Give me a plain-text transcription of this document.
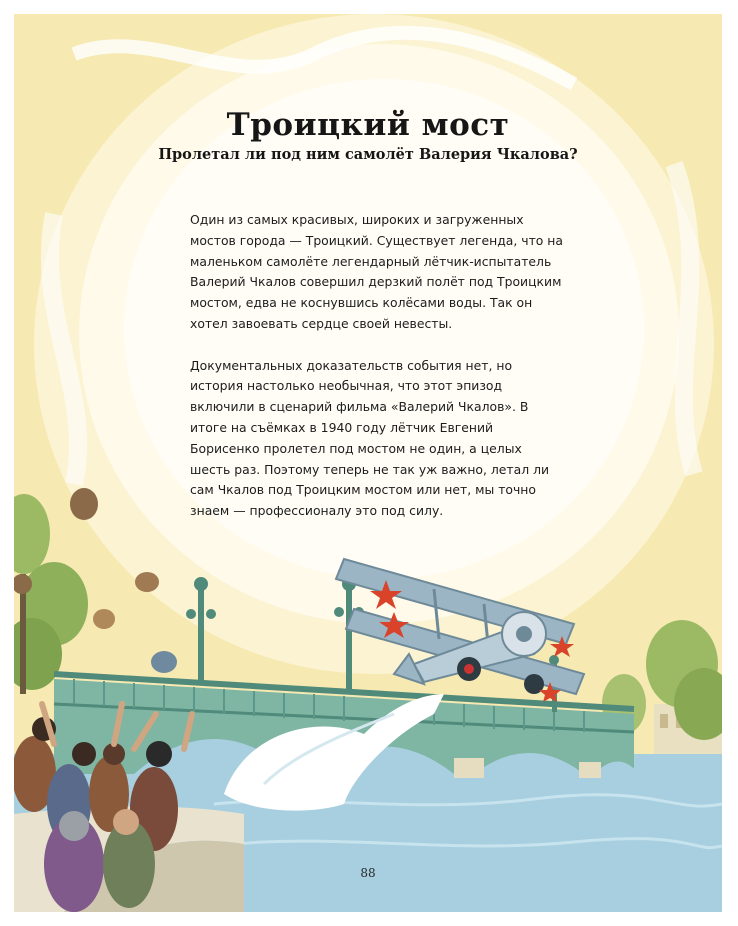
Троицкий мост
Пролетал ли под ним самолёт Валерия Чкалова?

Один из самых красивых, широких и загруженных мостов города — Троицкий. Существует легенда, что на маленьком самолёте легендарный лётчик-испытатель Валерий Чкалов совершил дерзкий полёт под Троицким мостом, едва не коснувшись колёсами воды. Так он хотел завоевать сердце своей невесты.

Документальных доказательств события нет, но история настолько необычная, что этот эпизод включили в сценарий фильма «Валерий Чкалов». В итоге на съёмках в 1940 году лётчик Евгений Борисенко пролетел под мостом не один, а целых шесть раз. Поэтому теперь не так уж важно, летал ли сам Чкалов под Троицким мостом или нет, мы точно знаем — профессионалу это под силу.

88
